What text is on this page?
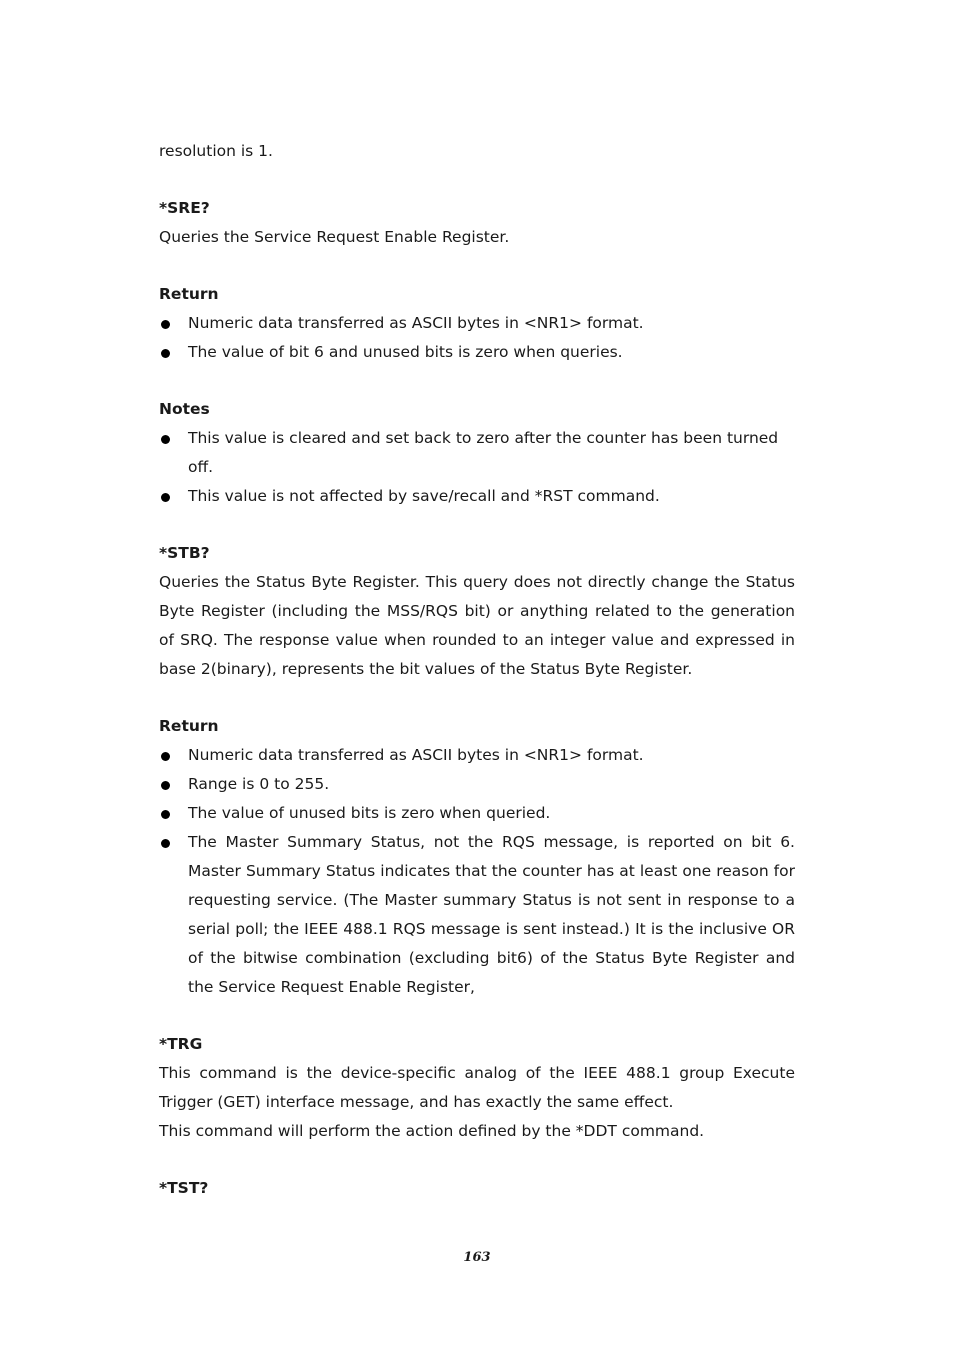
resolution is 1.

*SRE?

Queries the Service Request Enable Register.

Return

Numeric data transferred as ASCII bytes in <NR1> format.
The value of bit 6 and unused bits is zero when queries.

Notes

This value is cleared and set back to zero after the counter has been turned off.
This value is not affected by save/recall and *RST command.

*STB?

Queries the Status Byte Register. This query does not directly change the Status Byte Register (including the MSS/RQS bit) or anything related to the generation of SRQ. The response value when rounded to an integer value and expressed in base 2(binary), represents the bit values of the Status Byte Register.

Return

Numeric data transferred as ASCII bytes in <NR1> format.
Range is 0 to 255.
The value of unused bits is zero when queried.
The Master Summary Status, not the RQS message, is reported on bit 6. Master Summary Status indicates that the counter has at least one reason for requesting service. (The Master summary Status is not sent in response to a serial poll; the IEEE 488.1 RQS message is sent instead.) It is the inclusive OR of the bitwise combination (excluding bit6) of the Status Byte Register and the Service Request Enable Register,

*TRG

This command is the device-specific analog of the IEEE 488.1 group Execute Trigger (GET) interface message, and has exactly the same effect.

This command will perform the action defined by the *DDT command.

*TST?

163
